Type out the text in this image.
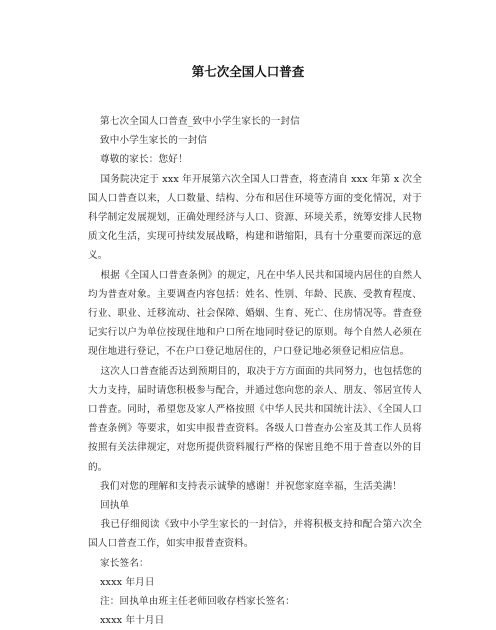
第七次全国人口普查

第七次全国人口普查_致中小学生家长的一封信

致中小学生家长的一封信

尊敬的家长：您好！

国务院决定于 xxx 年开展第六次全国人口普查，将查清自 xxx 年第 x 次全国人口普查以来，人口数量、结构、分布和居住环境等方面的变化情况，对于科学制定发展规划，正确处理经济与人口、资源、环境关系，统筹安排人民物质文化生活，实现可持续发展战略，构建和谐缩阳，具有十分重要而深远的意义。

根据《全国人口普查条例》的规定，凡在中华人民共和国境内居住的自然人均为普查对象。主要调查内容包括：姓名、性别、年龄、民族、受教育程度、行业、职业、迁移流动、社会保障、婚姻、生育、死亡、住房情况等。普查登记实行以户为单位按现住地和户口所在地同时登记的原则。每个自然人必须在现住地进行登记，不在户口登记地居住的，户口登记地必须登记相应信息。

这次人口普查能否达到预期目的，取决于方方面面的共同努力，也包括您的大力支持，届时请您积极参与配合，并通过您向您的亲人、朋友、邻居宣传人口普查。同时，希望您及家人严格按照《中华人民共和国统计法》、《全国人口普查条例》等要求，如实申报普查资料。各级人口普查办公室及其工作人员将按照有关法律规定，对您所提供资料履行严格的保密且绝不用于普查以外的目的。

我们对您的理解和支持表示诚挚的感谢！并祝您家庭幸福，生活美满！

回执单

我已仔细阅读《致中小学生家长的一封信》，并将积极支持和配合第六次全国人口普查工作，如实申报普查资料。

家长签名：

xxxx 年月日

注：回执单由班主任老师回收存档家长签名：

xxxx 年十月日
